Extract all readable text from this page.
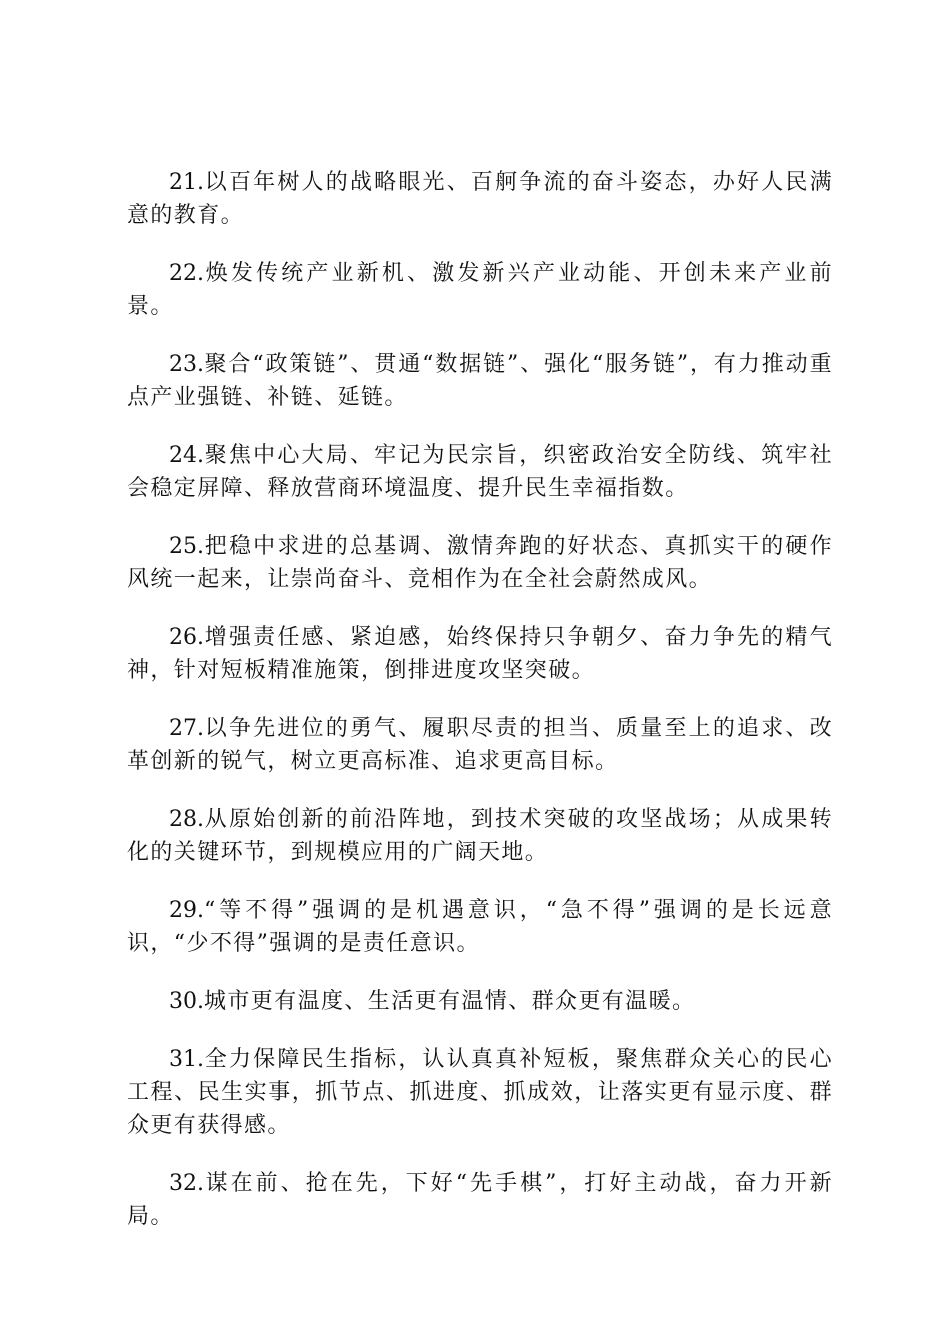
21.以百年树人的战略眼光、百舸争流的奋斗姿态，办好人民满意的教育。

22.焕发传统产业新机、激发新兴产业动能、开创未来产业前景。

23.聚合“政策链”、贯通“数据链”、强化“服务链”，有力推动重点产业强链、补链、延链。

24.聚焦中心大局、牢记为民宗旨，织密政治安全防线、筑牢社会稳定屏障、释放营商环境温度、提升民生幸福指数。

25.把稳中求进的总基调、激情奔跑的好状态、真抓实干的硬作风统一起来，让崇尚奋斗、竞相作为在全社会蔚然成风。

26.增强责任感、紧迫感，始终保持只争朝夕、奋力争先的精气神，针对短板精准施策，倒排进度攻坚突破。

27.以争先进位的勇气、履职尽责的担当、质量至上的追求、改革创新的锐气，树立更高标准、追求更高目标。

28.从原始创新的前沿阵地，到技术突破的攻坚战场；从成果转化的关键环节，到规模应用的广阔天地。

29.“等不得”强调的是机遇意识，“急不得”强调的是长远意识，“少不得”强调的是责任意识。

30.城市更有温度、生活更有温情、群众更有温暖。

31.全力保障民生指标，认认真真补短板，聚焦群众关心的民心工程、民生实事，抓节点、抓进度、抓成效，让落实更有显示度、群众更有获得感。

32.谋在前、抢在先，下好“先手棋”，打好主动战，奋力开新局。
